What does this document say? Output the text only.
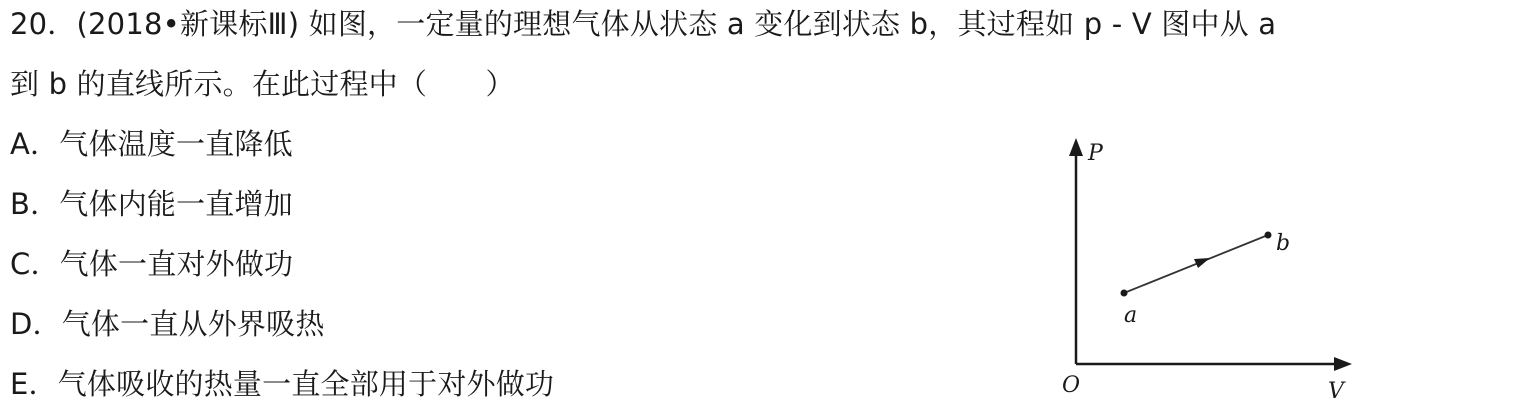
20．(2018•新课标Ⅲ) 如图，一定量的理想气体从状态 a 变化到状态 b，其过程如 p - V 图中从 a
到 b 的直线所示。在此过程中（　　）
A．气体温度一直降低
B．气体内能一直增加
C．气体一直对外做功
D．气体一直从外界吸热
E．气体吸收的热量一直全部用于对外做功
P
V
O
a
b
